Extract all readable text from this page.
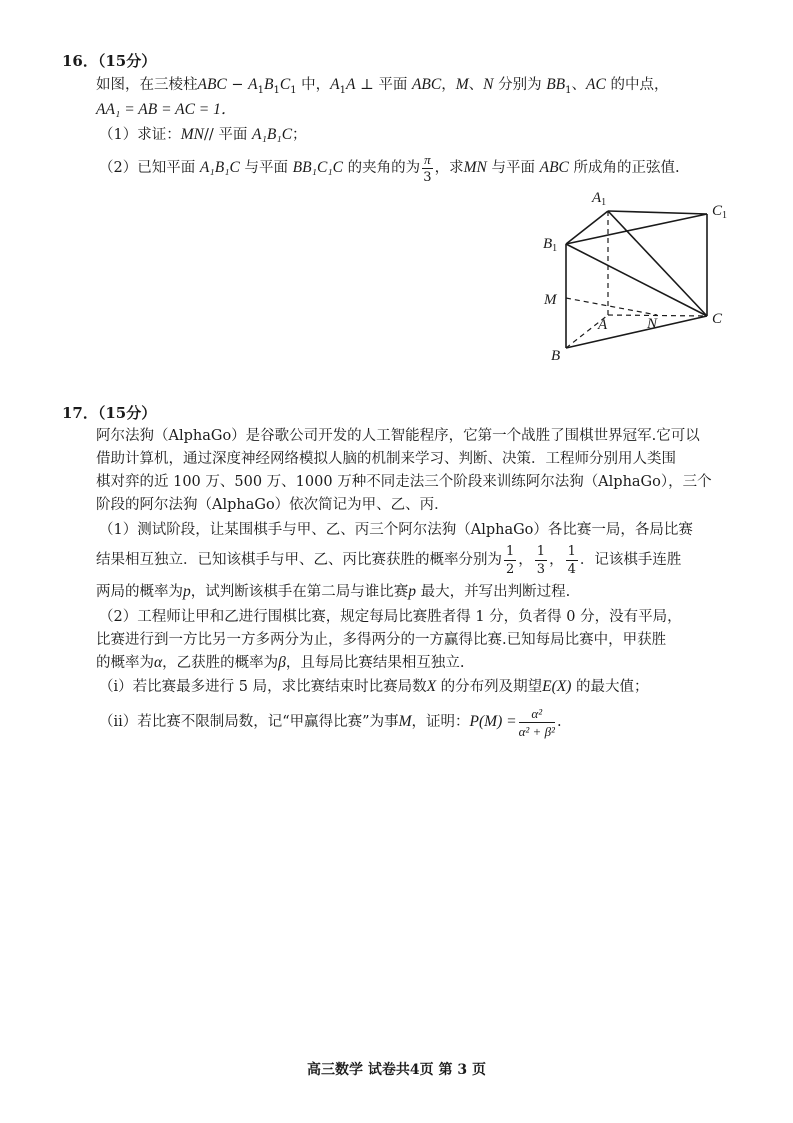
16．（15分）
如图，在三棱柱ABC − $A_1B_1C_1$ 中，$A_1A$ ⊥ 平面 ABC，M、N 分别为 $BB_1$、AC 的中点，
AA₁ = AB = AC = 1．
（1）求证：MN// 平面 A₁B₁C；
（2）已知平面 A₁B₁C 与平面 BB₁C₁C 的夹角的为 $\frac{\pi}{3}$ ，求MN 与平面 ABC 所成角的正弦值.
$A_1$
$C_1$
$B_1$
M
A	N	C
B
17．（15分）
阿尔法狗（AlphaGo）是谷歌公司开发的人工智能程序，它第一个战胜了围棋世界冠军.它可以
借助计算机，通过深度神经网络模拟人脑的机制来学习、判断、决策．工程师分别用人类围
棋对弈的近 100 万、500 万、1000 万种不同走法三个阶段来训练阿尔法狗（AlphaGo），三个
阶段的阿尔法狗（AlphaGo）依次简记为甲、乙、丙．
（1）测试阶段，让某围棋手与甲、乙、丙三个阿尔法狗（AlphaGo）各比赛一局，各局比赛
结果相互独立．已知该棋手与甲、乙、丙比赛获胜的概率分别为 $\frac{1}{2}$ ， $\frac{1}{3}$ ， $\frac{1}{4}$ ．记该棋手连胜
两局的概率为p，试判断该棋手在第二局与谁比赛p 最大，并写出判断过程.
（2）工程师让甲和乙进行围棋比赛，规定每局比赛胜者得 1 分，负者得 0 分，没有平局，
比赛进行到一方比另一方多两分为止，多得两分的一方赢得比赛.已知每局比赛中，甲获胜
的概率为α，乙获胜的概率为β，且每局比赛结果相互独立.
（i）若比赛最多进行 5 局，求比赛结束时比赛局数X 的分布列及期望E(X) 的最大值；
（ii）若比赛不限制局数，记“甲赢得比赛”为事M，证明：$P(M) = \frac{\text{α²}}{\text{α² + β²}}$ .
高三数学 试卷共4页 第 3 页
